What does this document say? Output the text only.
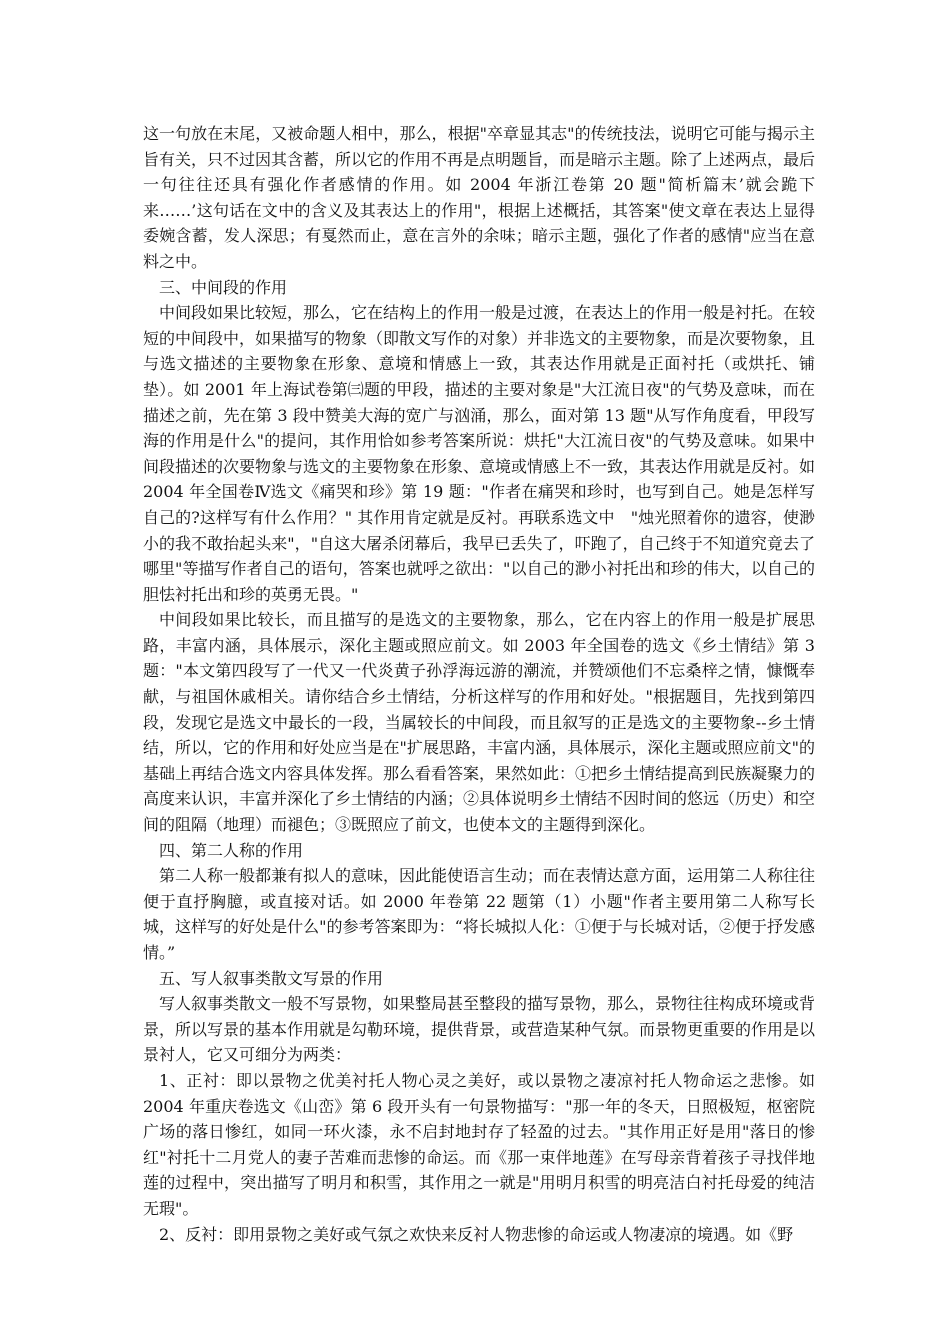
这一句放在末尾，又被命题人相中，那么，根据"卒章显其志"的传统技法，说明它可能与揭示主旨有关，只不过因其含蓄，所以它的作用不再是点明题旨，而是暗示主题。除了上述两点，最后一句往往还具有强化作者感情的作用。如 2004 年浙江卷第 20 题"简析篇末’就会跪下来……’这句话在文中的含义及其表达上的作用"，根据上述概括，其答案"使文章在表达上显得委婉含蓄，发人深思；有戛然而止，意在言外的余味；暗示主题，强化了作者的感情"应当在意料之中。

三、中间段的作用

中间段如果比较短，那么，它在结构上的作用一般是过渡，在表达上的作用一般是衬托。在较短的中间段中，如果描写的物象（即散文写作的对象）并非选文的主要物象，而是次要物象，且与选文描述的主要物象在形象、意境和情感上一致，其表达作用就是正面衬托（或烘托、铺垫）。如 2001 年上海试卷第㈢题的甲段，描述的主要对象是"大江流日夜"的气势及意味，而在描述之前，先在第 3 段中赞美大海的宽广与汹涌，那么，面对第 13 题"从写作角度看，甲段写海的作用是什么"的提问，其作用恰如参考答案所说：烘托"大江流日夜"的气势及意味。如果中间段描述的次要物象与选文的主要物象在形象、意境或情感上不一致，其表达作用就是反衬。如 2004 年全国卷Ⅳ选文《痛哭和珍》第 19 题："作者在痛哭和珍时，也写到自己。她是怎样写自己的?这样写有什么作用？" 其作用肯定就是反衬。再联系选文中　"烛光照着你的遗容，使渺小的我不敢抬起头来"，"自这大屠杀闭幕后，我早已丢失了，吓跑了，自己终于不知道究竟去了哪里"等描写作者自己的语句，答案也就呼之欲出："以自己的渺小衬托出和珍的伟大，以自己的胆怯衬托出和珍的英勇无畏。"

中间段如果比较长，而且描写的是选文的主要物象，那么，它在内容上的作用一般是扩展思路，丰富内涵，具体展示，深化主题或照应前文。如 2003 年全国卷的选文《乡土情结》第 3 题："本文第四段写了一代又一代炎黄子孙浮海远游的潮流，并赞颂他们不忘桑梓之情，慷慨奉献，与祖国休戚相关。请你结合乡土情结，分析这样写的作用和好处。"根据题目，先找到第四段，发现它是选文中最长的一段，当属较长的中间段，而且叙写的正是选文的主要物象--乡土情结，所以，它的作用和好处应当是在"扩展思路，丰富内涵，具体展示，深化主题或照应前文"的基础上再结合选文内容具体发挥。那么看看答案，果然如此：①把乡土情结提高到民族凝聚力的高度来认识，丰富并深化了乡土情结的内涵；②具体说明乡土情结不因时间的悠远（历史）和空间的阻隔（地理）而褪色；③既照应了前文，也使本文的主题得到深化。

四、第二人称的作用

第二人称一般都兼有拟人的意味，因此能使语言生动；而在表情达意方面，运用第二人称往往便于直抒胸臆，或直接对话。如 2000 年卷第 22 题第（1）小题"作者主要用第二人称写长城，这样写的好处是什么"的参考答案即为：“将长城拟人化：①便于与长城对话，②便于抒发感情。”

五、写人叙事类散文写景的作用

写人叙事类散文一般不写景物，如果整局甚至整段的描写景物，那么，景物往往构成环境或背景，所以写景的基本作用就是勾勒环境，提供背景，或营造某种气氛。而景物更重要的作用是以景衬人，它又可细分为两类：

1、正衬：即以景物之优美衬托人物心灵之美好，或以景物之凄凉衬托人物命运之悲惨。如 2004 年重庆卷选文《山峦》第 6 段开头有一句景物描写："那一年的冬天，日照极短，枢密院广场的落日惨红，如同一环火漆，永不启封地封存了轻盈的过去。"其作用正好是用"落日的惨红"衬托十二月党人的妻子苦难而悲惨的命运。而《那一束伴地莲》在写母亲背着孩子寻找伴地莲的过程中，突出描写了明月和积雪，其作用之一就是"用明月积雪的明亮洁白衬托母爱的纯洁无瑕"。

2、反衬：即用景物之美好或气氛之欢快来反衬人物悲惨的命运或人物凄凉的境遇。如《野
